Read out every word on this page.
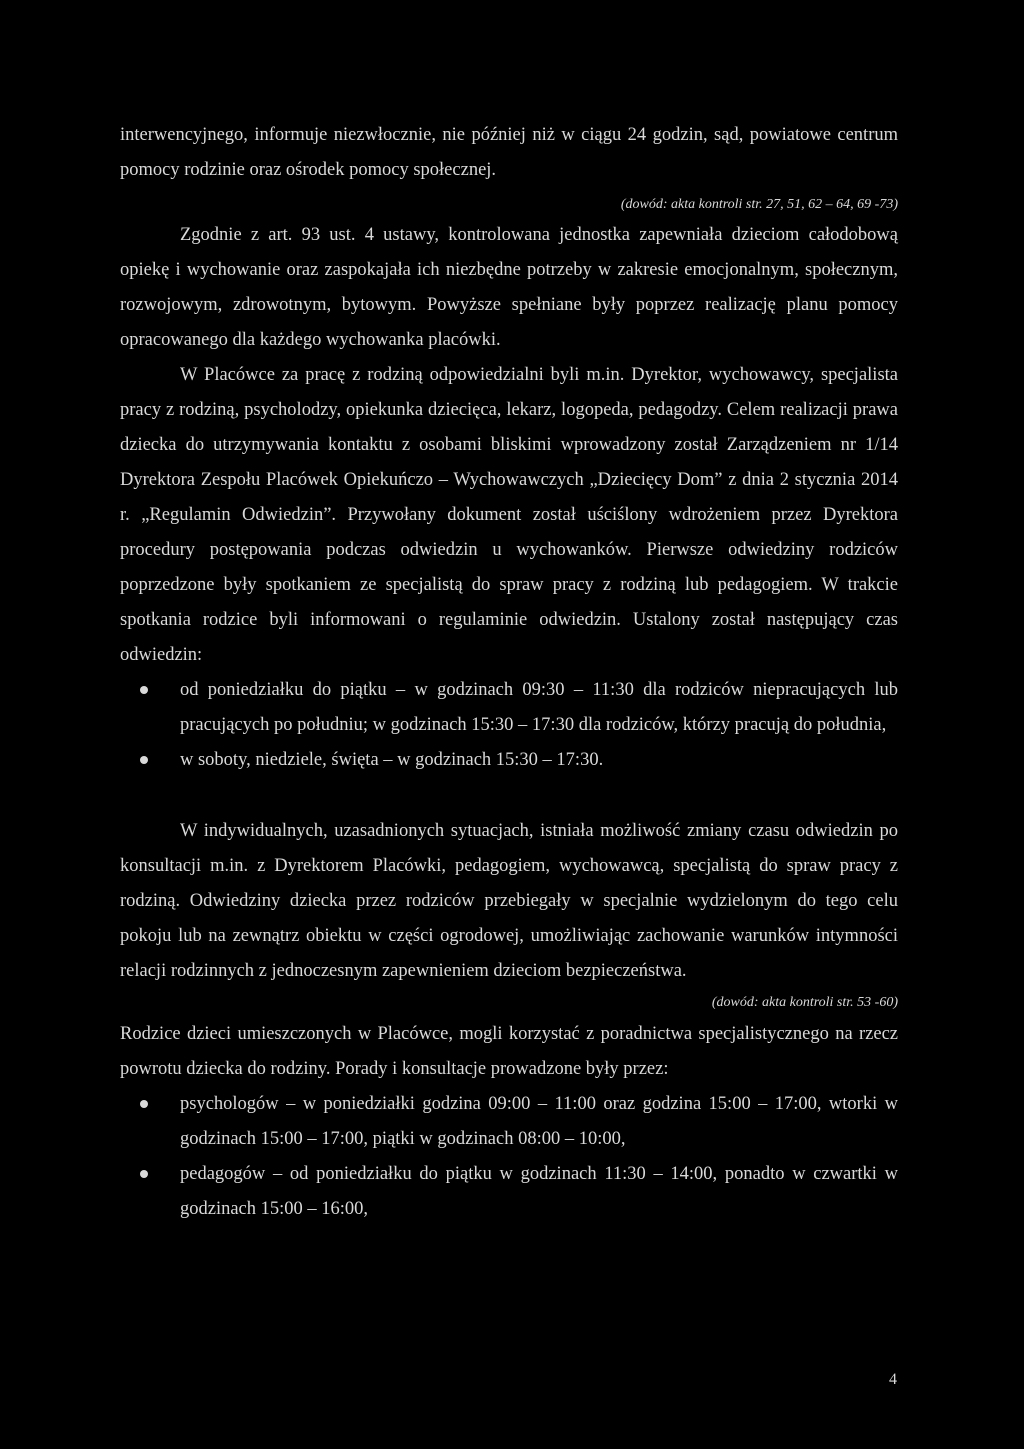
interwencyjnego, informuje niezwłocznie, nie później niż w ciągu 24 godzin, sąd, powiatowe centrum pomocy rodzinie oraz ośrodek pomocy społecznej.

(dowód: akta kontroli str. 27, 51, 62 – 64, 69 -73)

Zgodnie z art. 93 ust. 4 ustawy, kontrolowana jednostka zapewniała dzieciom całodobową opiekę i wychowanie oraz zaspokajała ich niezbędne potrzeby w zakresie emocjonalnym, społecznym, rozwojowym, zdrowotnym, bytowym. Powyższe spełniane były poprzez realizację planu pomocy opracowanego dla każdego wychowanka placówki.

W Placówce za pracę z rodziną odpowiedzialni byli m.in. Dyrektor, wychowawcy, specjalista pracy z rodziną, psycholodzy, opiekunka dziecięca, lekarz, logopeda, pedagodzy. Celem realizacji prawa dziecka do utrzymywania kontaktu z osobami bliskimi wprowadzony został Zarządzeniem nr 1/14 Dyrektora Zespołu Placówek Opiekuńczo – Wychowawczych „Dziecięcy Dom” z dnia 2 stycznia 2014 r. „Regulamin Odwiedzin”. Przywołany dokument został uściślony wdrożeniem przez Dyrektora procedury postępowania podczas odwiedzin u wychowanków. Pierwsze odwiedziny rodziców poprzedzone były spotkaniem ze specjalistą do spraw pracy z rodziną lub pedagogiem. W trakcie spotkania rodzice byli informowani o regulaminie odwiedzin. Ustalony został następujący czas odwiedzin:

od poniedziałku do piątku – w godzinach 09:30 – 11:30 dla rodziców niepracujących lub pracujących po południu; w godzinach 15:30 – 17:30 dla rodziców, którzy pracują do południa,
w soboty, niedziele, święta – w godzinach 15:30 – 17:30.

W indywidualnych, uzasadnionych sytuacjach, istniała możliwość zmiany czasu odwiedzin po konsultacji m.in. z Dyrektorem Placówki, pedagogiem, wychowawcą, specjalistą do spraw pracy z rodziną. Odwiedziny dziecka przez rodziców przebiegały w specjalnie wydzielonym do tego celu pokoju lub na zewnątrz obiektu w części ogrodowej, umożliwiając zachowanie warunków intymności relacji rodzinnych z jednoczesnym zapewnieniem dzieciom bezpieczeństwa.

(dowód: akta kontroli str. 53 -60)

Rodzice dzieci umieszczonych w Placówce, mogli korzystać z poradnictwa specjalistycznego na rzecz powrotu dziecka do rodziny. Porady i konsultacje prowadzone były przez:

psychologów – w poniedziałki godzina 09:00 – 11:00 oraz godzina 15:00 – 17:00, wtorki w godzinach 15:00 – 17:00, piątki w godzinach 08:00 – 10:00,
pedagogów – od poniedziałku do piątku w godzinach 11:30 – 14:00, ponadto w czwartki w godzinach 15:00 – 16:00,
4
